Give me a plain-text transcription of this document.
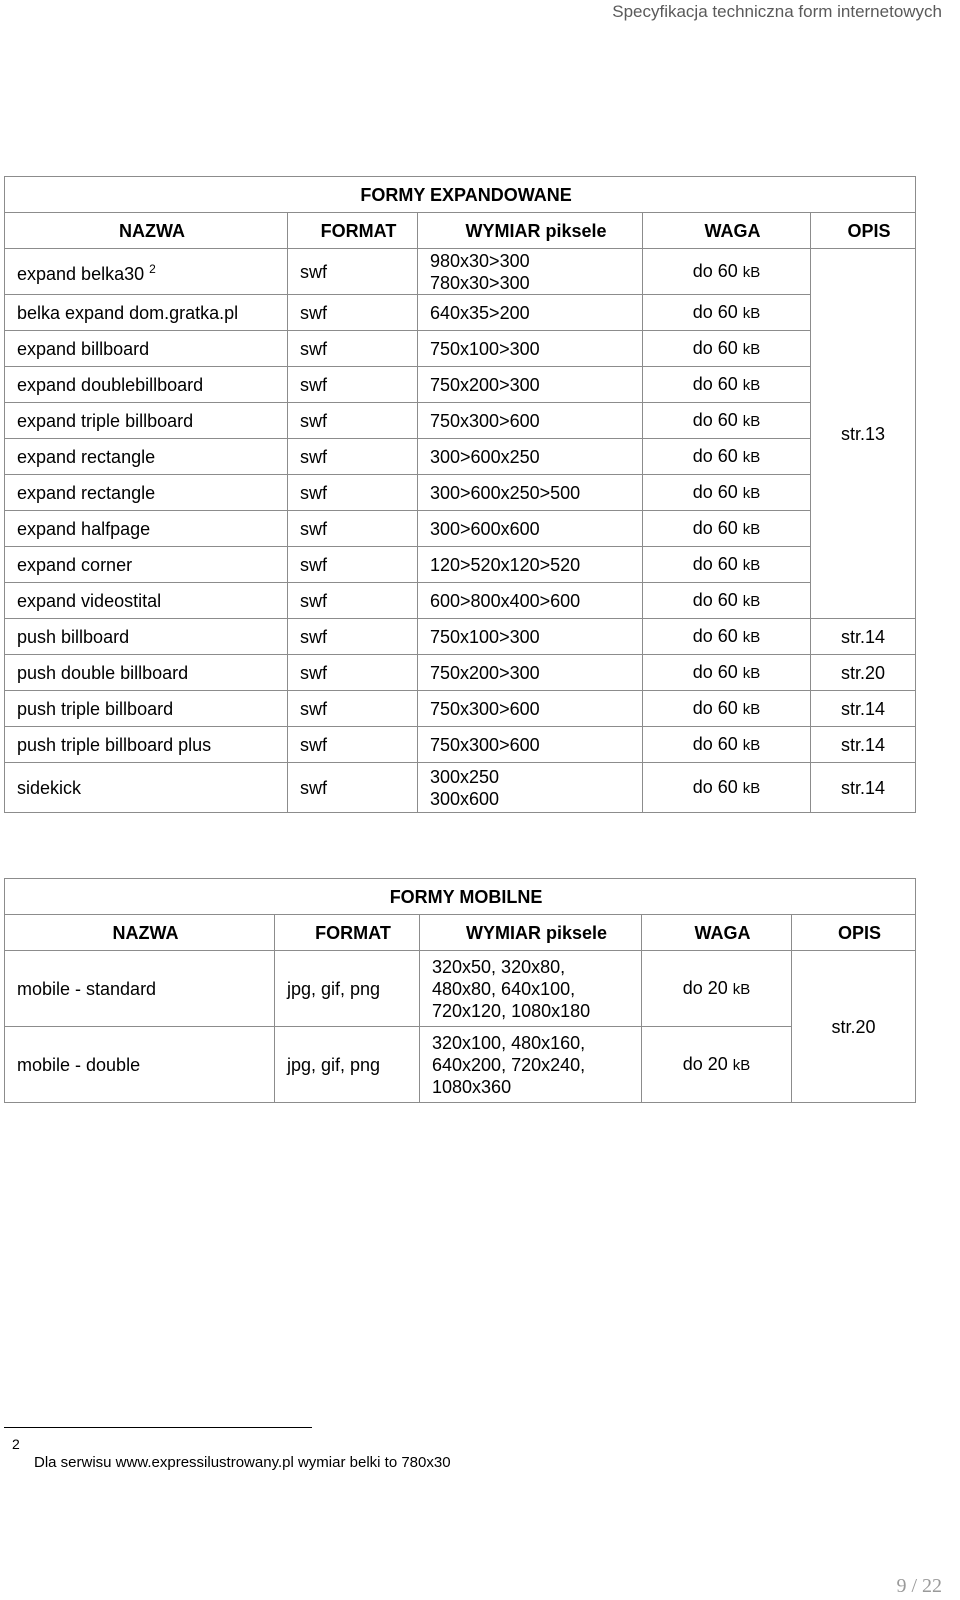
Specyfikacja techniczna form internetowych
FORMY EXPANDOWANE				
NAZWA	FORMAT	WYMIAR piksele	WAGA	OPIS
expand belka30 $^2$	swf	980x30>300
780x30>300	do 60 kB	str.13
belka expand dom.gratka.pl	swf	640x35>200	do 60 kB	
expand billboard	swf	750x100>300	do 60 kB	
expand doublebillboard	swf	750x200>300	do 60 kB	
expand triple billboard	swf	750x300>600	do 60 kB	
expand rectangle	swf	300>600x250	do 60 kB	
expand rectangle	swf	300>600x250>500	do 60 kB	
expand halfpage	swf	300>600x600	do 60 kB	
expand corner	swf	120>520x120>520	do 60 kB	
expand videostital	swf	600>800x400>600	do 60 kB	
push billboard	swf	750x100>300	do 60 kB	str.14
push double billboard	swf	750x200>300	do 60 kB	str.20
push triple billboard	swf	750x300>600	do 60 kB	str.14
push triple billboard plus	swf	750x300>600	do 60 kB	str.14
sidekick	swf	300x250
300x600	do 60 kB	str.14
FORMY MOBILNE				
NAZWA	FORMAT	WYMIAR piksele	WAGA	OPIS
mobile - standard	jpg, gif, png	320x50, 320x80,
480x80, 640x100,
720x120, 1080x180	do 20 kB	str.20
mobile - double	jpg, gif, png	320x100, 480x160,
640x200, 720x240,
1080x360	do 20 kB	
2
Dla serwisu www.expressilustrowany.pl wymiar belki to 780x30
9 / 22
